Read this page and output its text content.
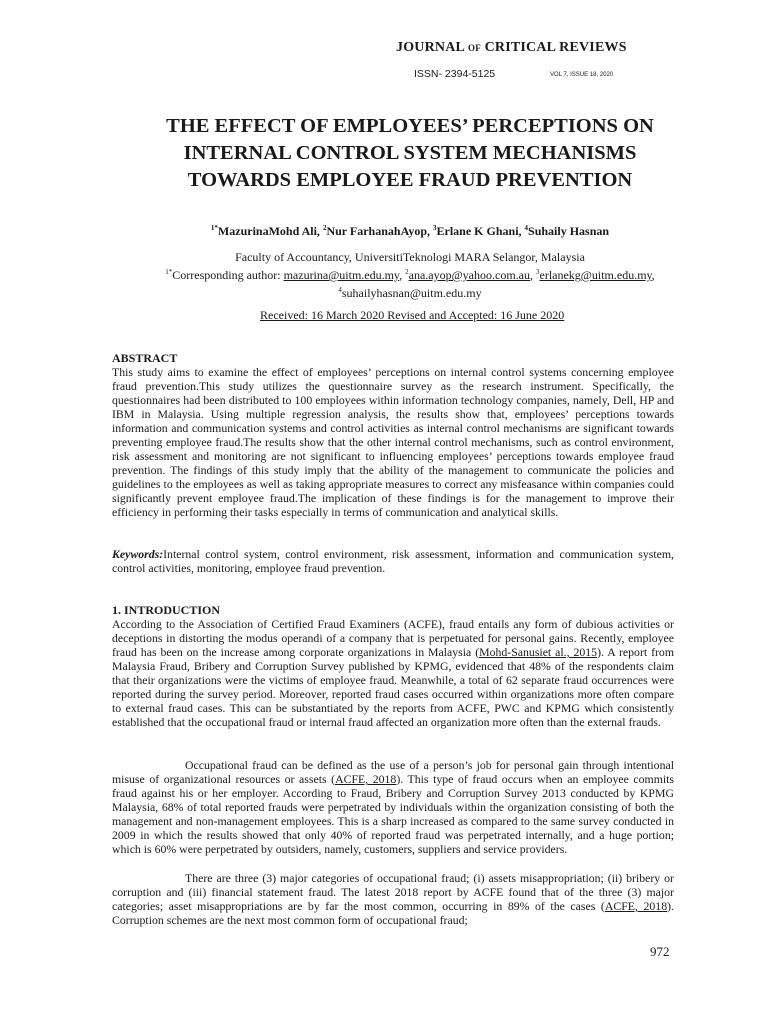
JOURNAL OF CRITICAL REVIEWS
ISSN- 2394-5125	VOL 7, ISSUE 18, 2020
THE EFFECT OF EMPLOYEES’ PERCEPTIONS ON INTERNAL CONTROL SYSTEM MECHANISMS TOWARDS EMPLOYEE FRAUD PREVENTION
$^{1*}$MazurinaMohd Ali, $^2$Nur FarhanahAyop, $^3$Erlane K Ghani, $^4$Suhaily Hasnan
Faculty of Accountancy, UniversitiTeknologi MARA Selangor, Malaysia
$^{1*}$Corresponding author: mazurina@uitm.edu.my, $^2$ana.ayop@yahoo.com.au, $^3$erlanekg@uitm.edu.my,
$^4$suhailyhasnan@uitm.edu.my
Received: 16 March 2020 Revised and Accepted: 16 June 2020
ABSTRACT

This study aims to examine the effect of employees’ perceptions on internal control systems concerning employee fraud prevention.This study utilizes the questionnaire survey as the research instrument. Specifically, the questionnaires had been distributed to 100 employees within information technology companies, namely, Dell, HP and IBM in Malaysia. Using multiple regression analysis, the results show that, employees’ perceptions towards information and communication systems and control activities as internal control mechanisms are significant towards preventing employee fraud.The results show that the other internal control mechanisms, such as control environment, risk assessment and monitoring are not significant to influencing employees’ perceptions towards employee fraud prevention. The findings of this study imply that the ability of the management to communicate the policies and guidelines to the employees as well as taking appropriate measures to correct any misfeasance within companies could significantly prevent employee fraud.The implication of these findings is for the management to improve their efficiency in performing their tasks especially in terms of communication and analytical skills.

Keywords:Internal control system, control environment, risk assessment, information and communication system, control activities, monitoring, employee fraud prevention.

1. INTRODUCTION

According to the Association of Certified Fraud Examiners (ACFE), fraud entails any form of dubious activities or deceptions in distorting the modus operandi of a company that is perpetuated for personal gains. Recently, employee fraud has been on the increase among corporate organizations in Malaysia (Mohd-Sanusiet al., 2015). A report from Malaysia Fraud, Bribery and Corruption Survey published by KPMG, evidenced that 48% of the respondents claim that their organizations were the victims of employee fraud. Meanwhile, a total of 62 separate fraud occurrences were reported during the survey period. Moreover, reported fraud cases occurred within organizations more often compare to external fraud cases. This can be substantiated by the reports from ACFE, PWC and KPMG which consistently established that the occupational fraud or internal fraud affected an organization more often than the external frauds.

Occupational fraud can be defined as the use of a person’s job for personal gain through intentional misuse of organizational resources or assets (ACFE, 2018). This type of fraud occurs when an employee commits fraud against his or her employer. According to Fraud, Bribery and Corruption Survey 2013 conducted by KPMG Malaysia, 68% of total reported frauds were perpetrated by individuals within the organization consisting of both the management and non-management employees. This is a sharp increased as compared to the same survey conducted in 2009 in which the results showed that only 40% of reported fraud was perpetrated internally, and a huge portion; which is 60% were perpetrated by outsiders, namely, customers, suppliers and service providers.

There are three (3) major categories of occupational fraud; (i) assets misappropriation; (ii) bribery or corruption and (iii) financial statement fraud. The latest 2018 report by ACFE found that of the three (3) major categories; asset misappropriations are by far the most common, occurring in 89% of the cases (ACFE, 2018). Corruption schemes are the next most common form of occupational fraud;

972
